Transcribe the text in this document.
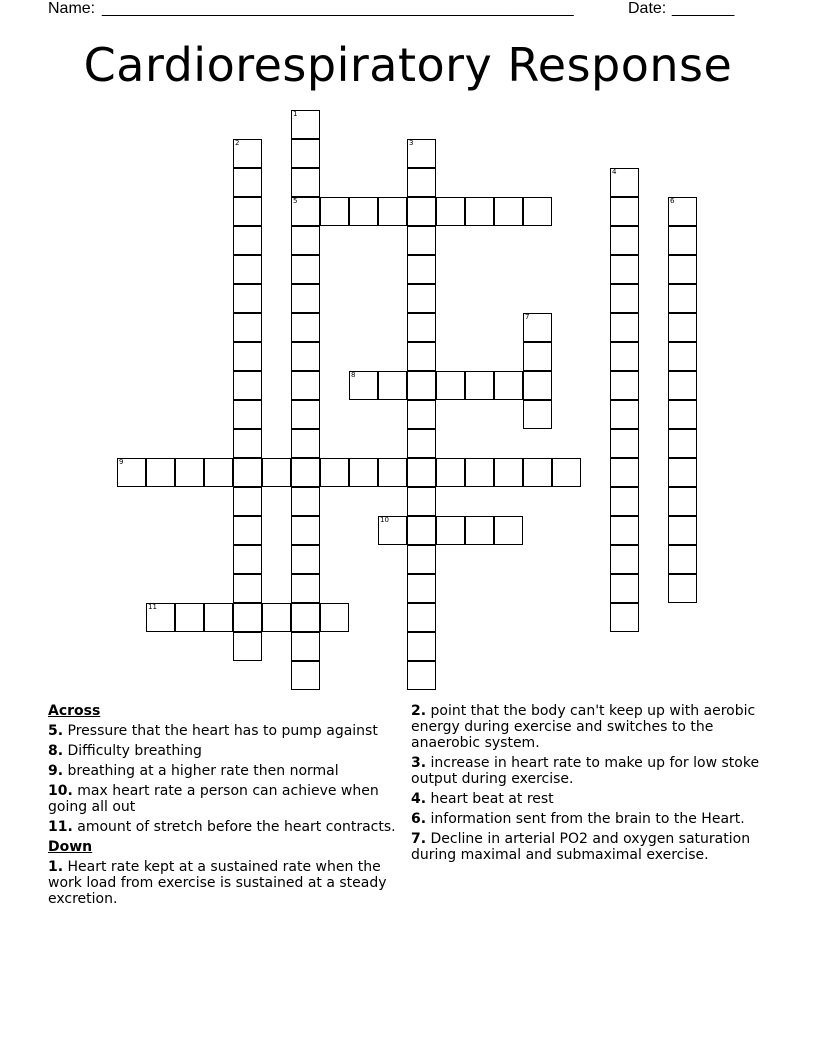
Name: _____________________________________________________	Date: _______
Cardiorespiratory Response
1
5
2	3
4
6
7
8
9
10
11
Across
5. Pressure that the heart has to pump against
8. Difficulty breathing
9. breathing at a higher rate then normal
10. max heart rate a person can achieve when going all out
11. amount of stretch before the heart contracts.
Down
1. Heart rate kept at a sustained rate when the work load from exercise is sustained at a steady excretion.
2. point that the body can't keep up with aerobic energy during exercise and switches to the anaerobic system.
3. increase in heart rate to make up for low stoke output during exercise.
4. heart beat at rest
6. information sent from the brain to the Heart.
7. Decline in arterial PO2 and oxygen saturation during maximal and submaximal exercise.
